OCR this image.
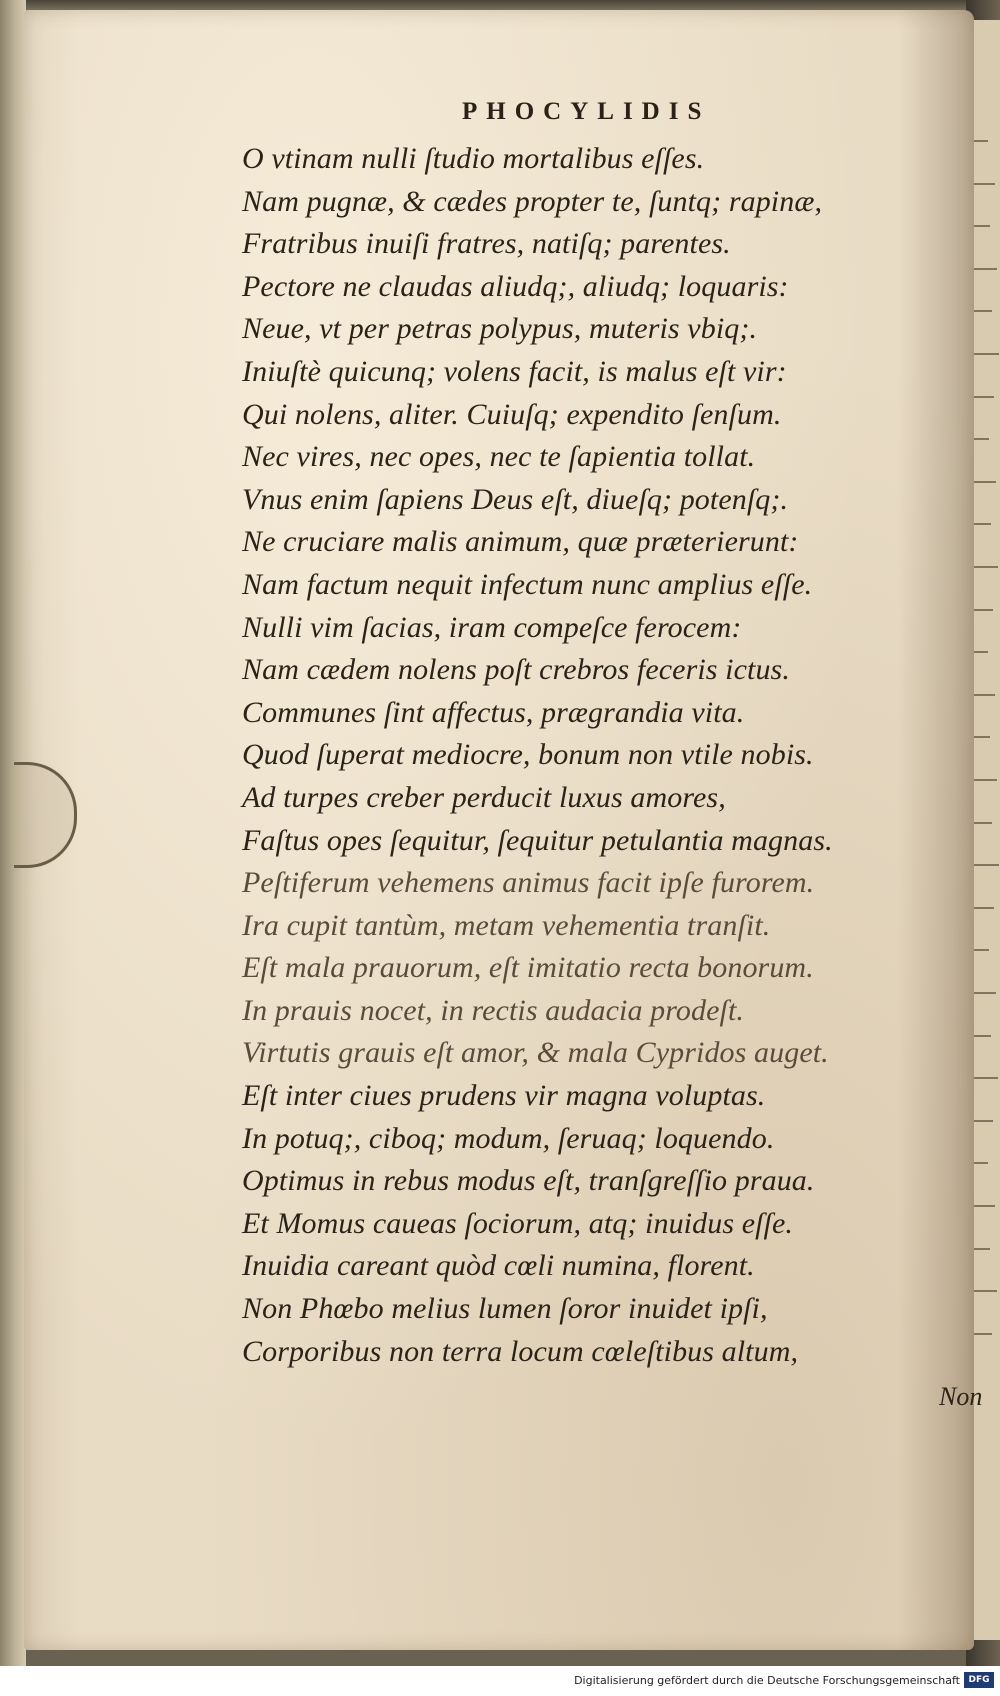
PHOCYLIDIS
O vtinam nulli ſtudio mortalibus eſſes.
Nam pugnæ, & cædes propter te, ſuntq; rapinæ,
Fratribus inuiſi fratres, natiſq; parentes.
Pectore ne claudas aliudq;, aliudq; loquaris:
Neue, vt per petras polypus, muteris vbiq;.
Iniuſtè quicunq; volens facit, is malus eſt vir:
Qui nolens, aliter. Cuiuſq; expendito ſenſum.
Nec vires, nec opes, nec te ſapientia tollat.
Vnus enim ſapiens Deus eſt, diueſq; potenſq;.
Ne cruciare malis animum, quæ præterierunt:
Nam factum nequit infectum nunc amplius eſſe.
Nulli vim ſacias, iram compeſce ferocem:
Nam cædem nolens poſt crebros feceris ictus.
Communes ſint affectus, prægrandia vita.
Quod ſuperat mediocre, bonum non vtile nobis.
Ad turpes creber perducit luxus amores,
Faſtus opes ſequitur, ſequitur petulantia magnas.
Peſtiferum vehemens animus facit ipſe furorem.
Ira cupit tantùm, metam vehementia tranſit.
Eſt mala prauorum, eſt imitatio recta bonorum.
In prauis nocet, in rectis audacia prodeſt.
Virtutis grauis eſt amor, & mala Cypridos auget.
Eſt inter ciues prudens vir magna voluptas.
In potuq;, ciboq; modum, ſeruaq; loquendo.
Optimus in rebus modus eſt, tranſgreſſio praua.
Et Momus caueas ſociorum, atq; inuidus eſſe.
Inuidia careant quòd cœli numina, florent.
Non Phœbo melius lumen ſoror inuidet ipſi,
Corporibus non terra locum cœleſtibus altum,
Non
Digitalisierung gefördert durch die Deutsche Forschungsgemeinschaft DFG
